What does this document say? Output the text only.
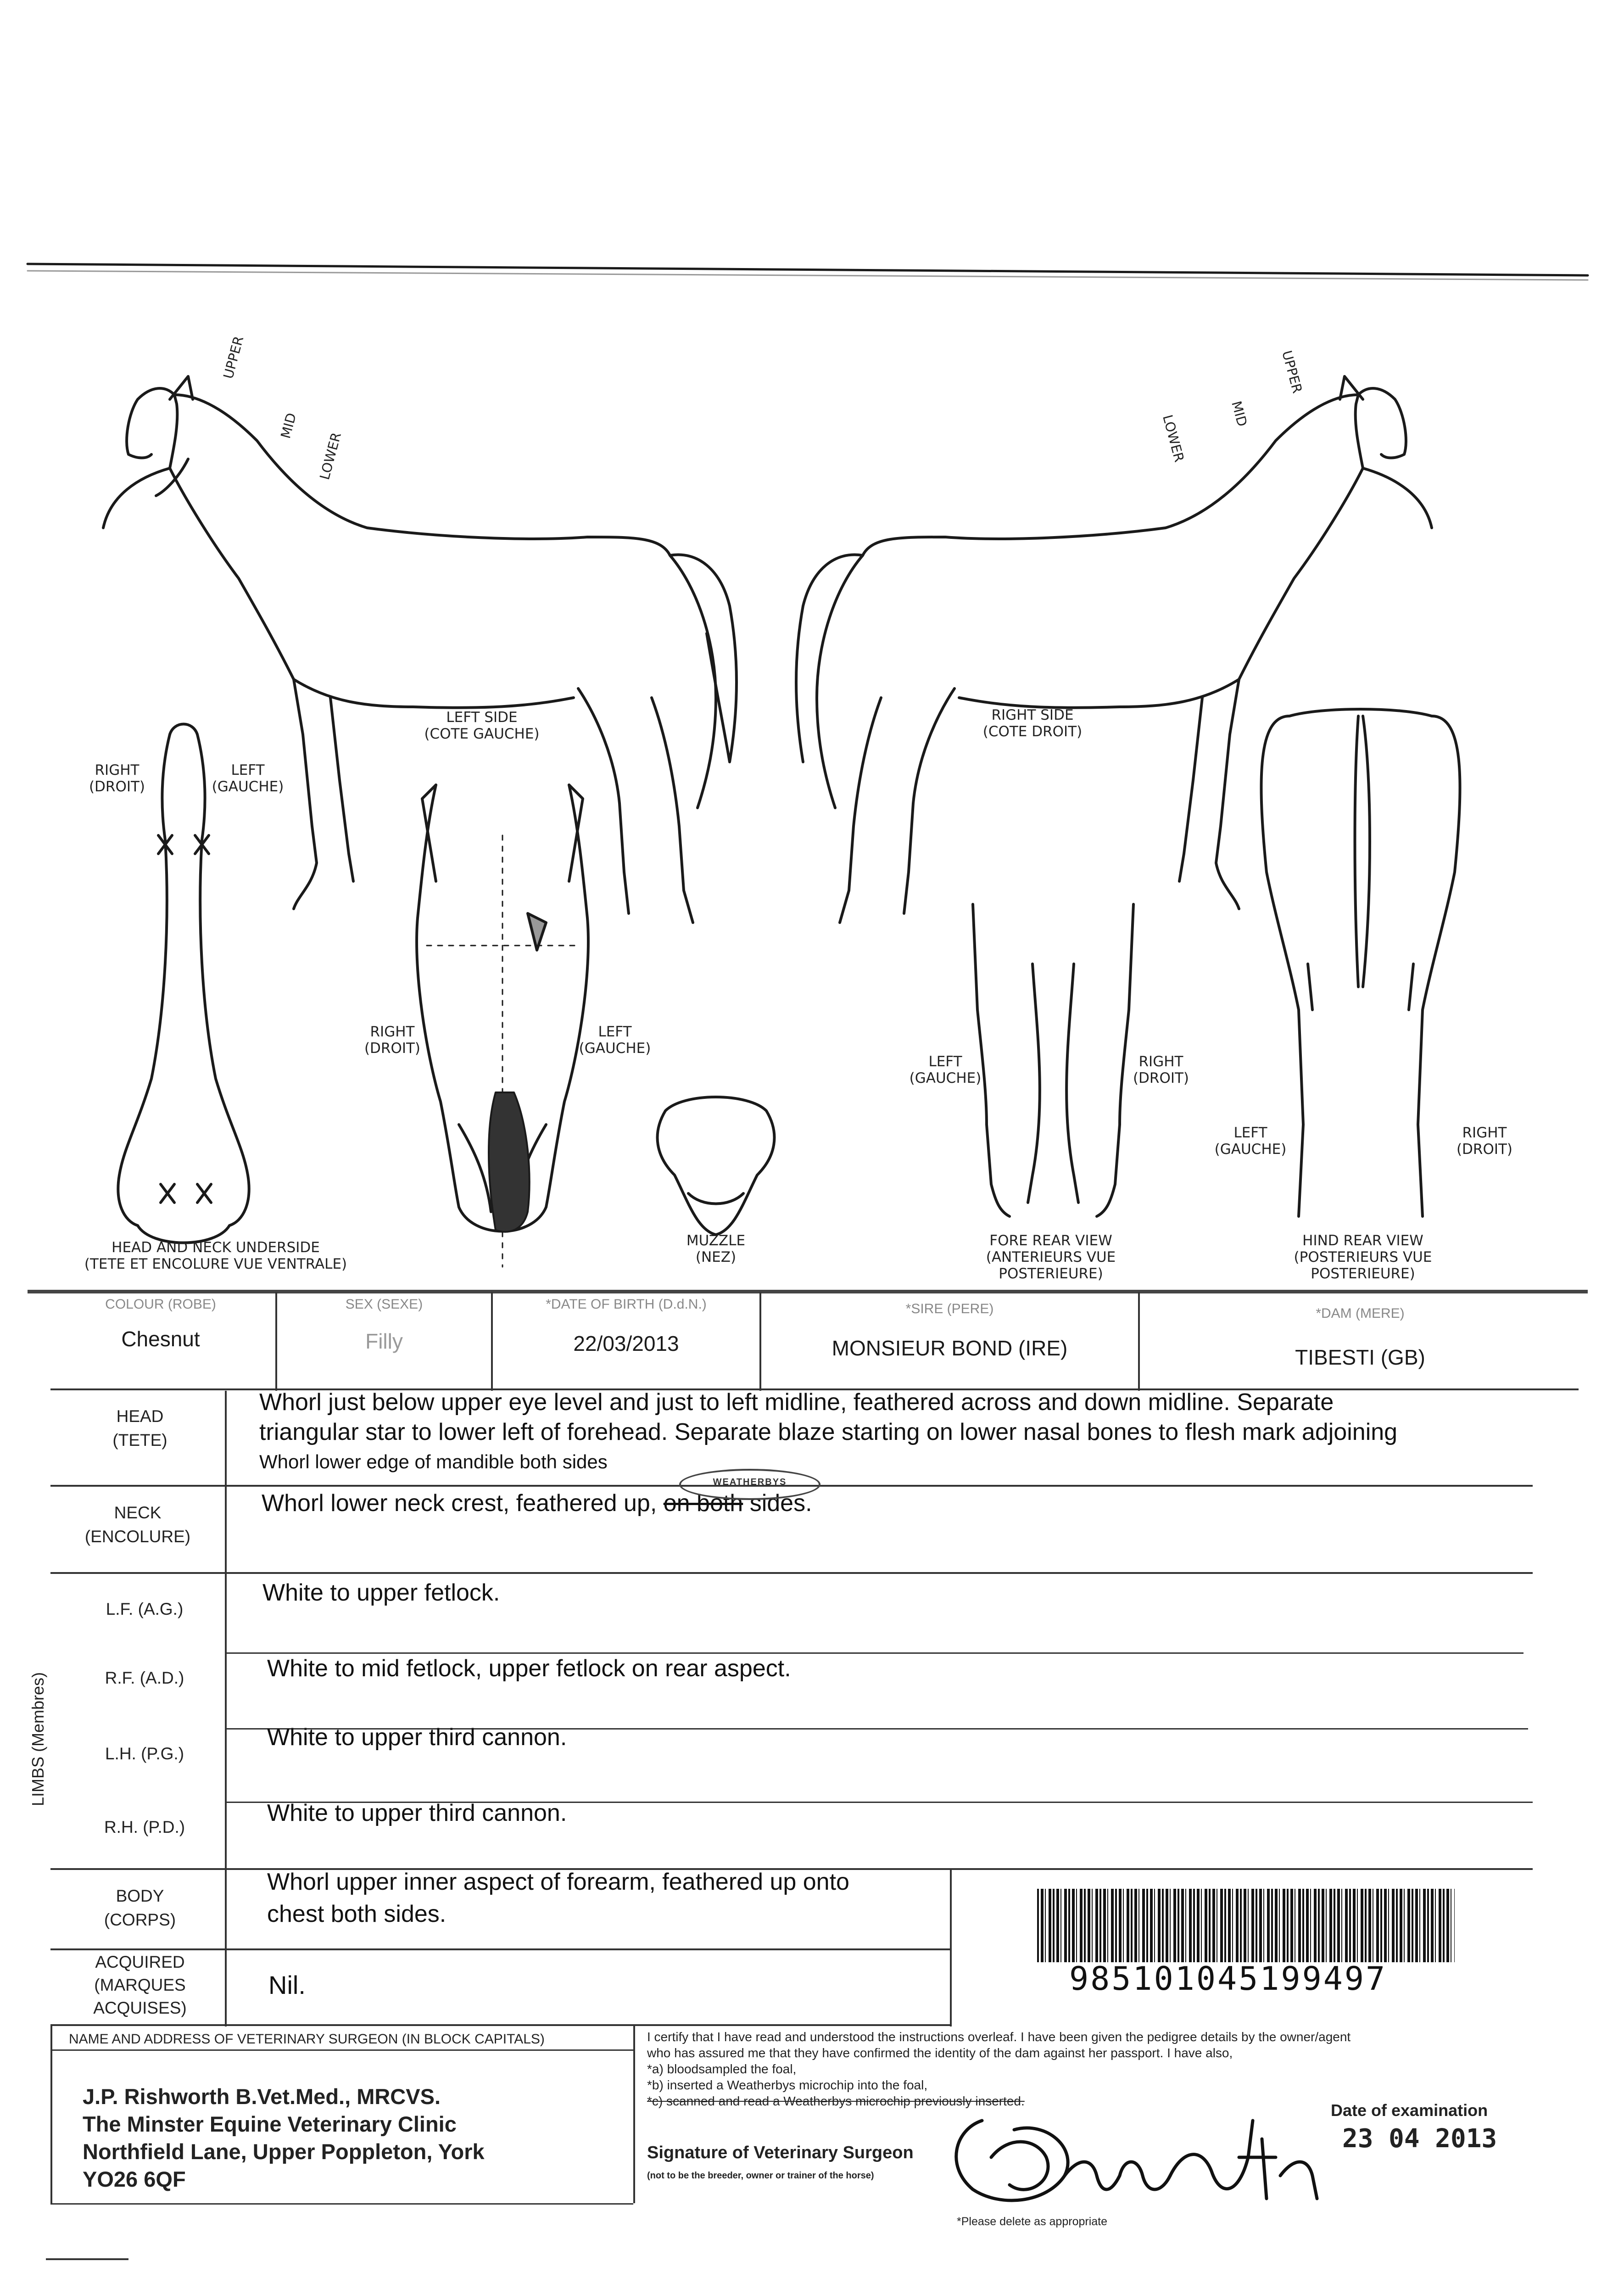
UPPER
MID
LOWER
UPPER
MID
LOWER
LEFT SIDE
(COTE GAUCHE)
RIGHT SIDE
(COTE DROIT)
RIGHT
(DROIT)
LEFT
(GAUCHE)
HEAD AND NECK UNDERSIDE
(TETE ET ENCOLURE VUE VENTRALE)
RIGHT
(DROIT)
LEFT
(GAUCHE)
MUZZLE
(NEZ)
LEFT
(GAUCHE)
RIGHT
(DROIT)
FORE REAR VIEW
(ANTERIEURS VUE
POSTERIEURE)
LEFT
(GAUCHE)
RIGHT
(DROIT)
HIND REAR VIEW
(POSTERIEURS VUE
POSTERIEURE)
COLOUR (ROBE)
Chesnut
SEX (SEXE)
Filly
*DATE OF BIRTH (D.d.N.)
22/03/2013
*SIRE (PERE)
MONSIEUR BOND (IRE)
*DAM (MERE)
TIBESTI (GB)
HEAD
(TETE)
Whorl just below upper eye level and just to left midline, feathered across and down midline. Separate
triangular star to lower left of forehead. Separate blaze starting on lower nasal bones to flesh mark adjoining
Whorl lower edge of mandible both sides
NECK
(ENCOLURE)
Whorl lower neck crest, feathered up, on both sides.
LIMBS (Membres)
L.F. (A.G.)
White to upper fetlock.
R.F. (A.D.)	White to mid fetlock, upper fetlock on rear aspect.
L.H. (P.G.)
White to upper third cannon.
R.H. (P.D.)
White to upper third cannon.
BODY
(CORPS)
Whorl upper inner aspect of forearm, feathered up onto
chest both sides.
ACQUIRED
(MARQUES
ACQUISES)
Nil.
WEATHERBYS
985101045199497
NAME AND ADDRESS OF VETERINARY SURGEON (IN BLOCK CAPITALS)
J.P. Rishworth B.Vet.Med., MRCVS.
The Minster Equine Veterinary Clinic
Northfield Lane, Upper Poppleton, York
YO26 6QF
I certify that I have read and understood the instructions overleaf. I have been given the pedigree details by the owner/agent
who has assured me that they have confirmed the identity of the dam against her passport. I have also,
*a) bloodsampled the foal,
*b) inserted a Weatherbys microchip into the foal,
*c) scanned and read a Weatherbys microchip previously inserted.
Signature of Veterinary Surgeon
(not to be the breeder, owner or trainer of the horse)
*Please delete as appropriate
Date of examination
23 04 2013
